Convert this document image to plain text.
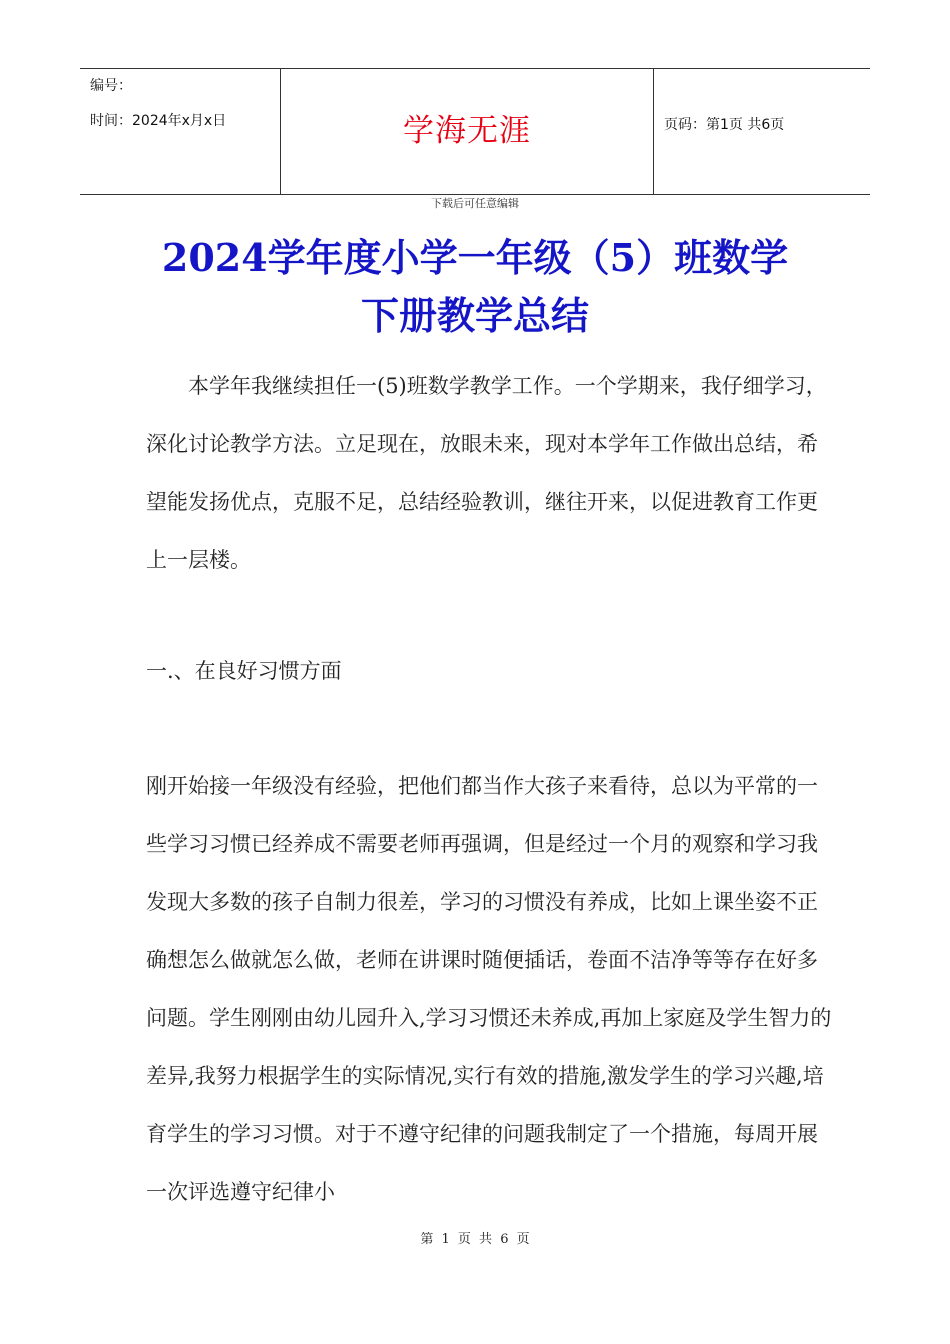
编号：
时间：2024年x月x日	学海无涯	页码：第1页 共6页
下载后可任意编辑
2024学年度小学一年级（5）班数学
下册教学总结

本学年我继续担任一(5)班数学教学工作。一个学期来，我仔细学习，深化讨论教学方法。立足现在，放眼未来，现对本学年工作做出总结，希望能发扬优点，克服不足，总结经验教训，继往开来，以促进教育工作更上一层楼。

一.、在良好习惯方面

刚开始接一年级没有经验，把他们都当作大孩子来看待，总以为平常的一些学习习惯已经养成不需要老师再强调，但是经过一个月的观察和学习我发现大多数的孩子自制力很差，学习的习惯没有养成，比如上课坐姿不正确想怎么做就怎么做，老师在讲课时随便插话，卷面不洁净等等存在好多问题。学生刚刚由幼儿园升入,学习习惯还未养成,再加上家庭及学生智力的差异,我努力根据学生的实际情况,实行有效的措施,激发学生的学习兴趣,培育学生的学习习惯。对于不遵守纪律的问题我制定了一个措施，每周开展一次评选遵守纪律小

第 1 页 共 6 页
